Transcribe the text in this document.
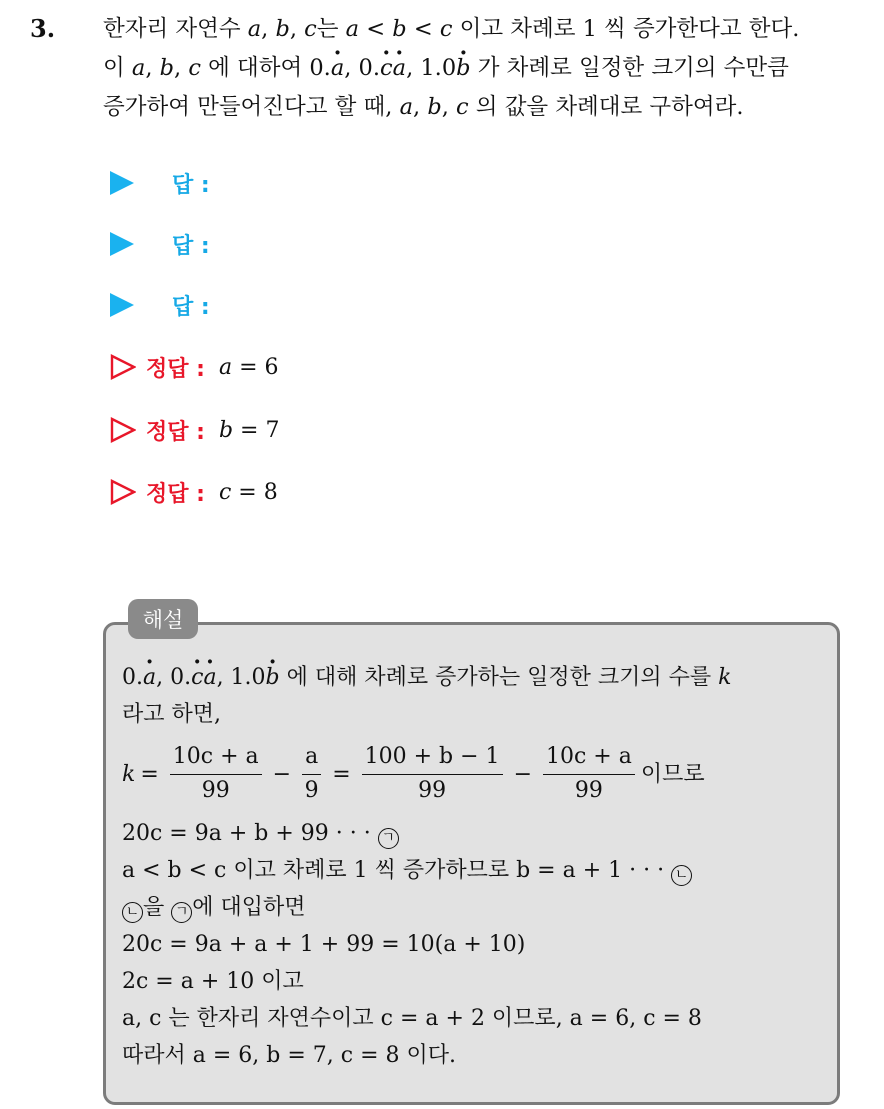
3. 한자리 자연수 a, b, c는 a < b < c 이고 차례로 1 씩 증가한다고 한다.
이 a, b, c 에 대하여 0.· a, 0.· c· a, 1.0· b 가 차례로 일정한 크기의 수만큼
증가하여 만들어진다고 할 때, a, b, c 의 값을 차례대로 구하여라.
답 :
답 :
답 :
정답 : a = 6
정답 : b = 7
정답 : c = 8
해설
0.· a, 0.· c· a, 1.0· b 에 대해 차례로 증가하는 일정한 크기의 수를 k
라고 하면,
$k = \frac{10c + a}{99} - \frac{a}{9} = \frac{100 + b - 1}{99} - \frac{10c + a}{99}$ 이므로
20c = 9a + b + 99 · · · ㄱ
a < b < c 이고 차례로 1 씩 증가하므로 b = a + 1 · · · ㄴ
ㄴ 을 ㄱ 에 대입하면
20c = 9a + a + 1 + 99 = 10(a + 10)
2c = a + 10 이고
a, c 는 한자리 자연수이고 c = a + 2 이므로, a = 6, c = 8
따라서 a = 6, b = 7, c = 8 이다.
